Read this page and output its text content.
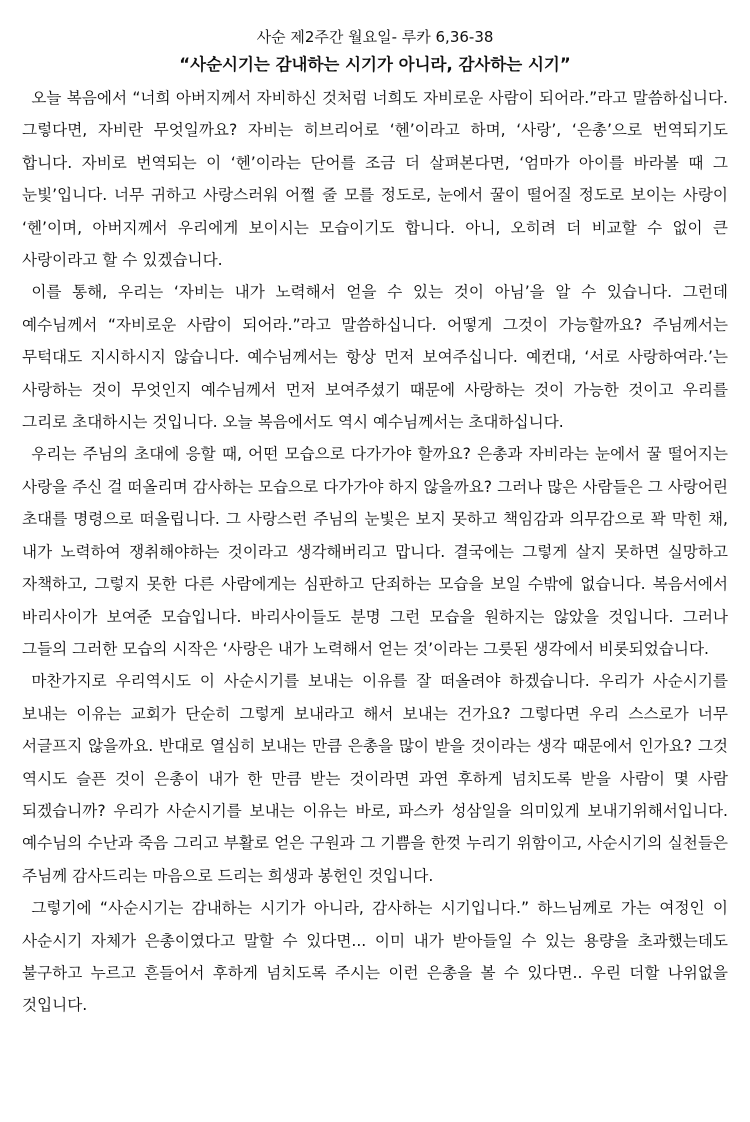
사순 제2주간 월요일- 루카 6,36-38
“사순시기는 감내하는 시기가 아니라, 감사하는 시기”

오늘 복음에서 “너희 아버지께서 자비하신 것처럼 너희도 자비로운 사람이 되어라.”라고 말씀하십니다. 그렇다면, 자비란 무엇일까요? 자비는 히브리어로 ‘헨’이라고 하며, ‘사랑’, ‘은총’으로 번역되기도 합니다. 자비로 번역되는 이 ‘헨’이라는 단어를 조금 더 살펴본다면, ‘엄마가 아이를 바라볼 때 그 눈빛’입니다. 너무 귀하고 사랑스러워 어쩔 줄 모를 정도로, 눈에서 꿀이 떨어질 정도로 보이는 사랑이 ‘헨’이며, 아버지께서 우리에게 보이시는 모습이기도 합니다. 아니, 오히려 더 비교할 수 없이 큰 사랑이라고 할 수 있겠습니다.

이를 통해, 우리는 ‘자비는 내가 노력해서 얻을 수 있는 것이 아님’을 알 수 있습니다. 그런데 예수님께서 “자비로운 사람이 되어라.”라고 말씀하십니다. 어떻게 그것이 가능할까요? 주님께서는 무턱대도 지시하시지 않습니다. 예수님께서는 항상 먼저 보여주십니다. 예컨대, ‘서로 사랑하여라.’는 사랑하는 것이 무엇인지 예수님께서 먼저 보여주셨기 때문에 사랑하는 것이 가능한 것이고 우리를 그리로 초대하시는 것입니다. 오늘 복음에서도 역시 예수님께서는 초대하십니다.

우리는 주님의 초대에 응할 때, 어떤 모습으로 다가가야 할까요? 은총과 자비라는 눈에서 꿀 떨어지는 사랑을 주신 걸 떠올리며 감사하는 모습으로 다가가야 하지 않을까요? 그러나 많은 사람들은 그 사랑어린 초대를 명령으로 떠올립니다. 그 사랑스런 주님의 눈빛은 보지 못하고 책임감과 의무감으로 꽉 막힌 채, 내가 노력하여 쟁취해야하는 것이라고 생각해버리고 맙니다. 결국에는 그렇게 살지 못하면 실망하고 자책하고, 그렇지 못한 다른 사람에게는 심판하고 단죄하는 모습을 보일 수밖에 없습니다. 복음서에서 바리사이가 보여준 모습입니다. 바리사이들도 분명 그런 모습을 원하지는 않았을 것입니다. 그러나 그들의 그러한 모습의 시작은 ‘사랑은 내가 노력해서 얻는 것’이라는 그릇된 생각에서 비롯되었습니다.

마찬가지로 우리역시도 이 사순시기를 보내는 이유를 잘 떠올려야 하겠습니다. 우리가 사순시기를 보내는 이유는 교회가 단순히 그렇게 보내라고 해서 보내는 건가요? 그렇다면 우리 스스로가 너무 서글프지 않을까요. 반대로 열심히 보내는 만큼 은총을 많이 받을 것이라는 생각 때문에서 인가요? 그것 역시도 슬픈 것이 은총이 내가 한 만큼 받는 것이라면 과연 후하게 넘치도록 받을 사람이 몇 사람 되겠습니까? 우리가 사순시기를 보내는 이유는 바로, 파스카 성삼일을 의미있게 보내기위해서입니다. 예수님의 수난과 죽음 그리고 부활로 얻은 구원과 그 기쁨을 한껏 누리기 위함이고, 사순시기의 실천들은 주님께 감사드리는 마음으로 드리는 희생과 봉헌인 것입니다.

그렇기에 “사순시기는 감내하는 시기가 아니라, 감사하는 시기입니다.” 하느님께로 가는 여정인 이 사순시기 자체가 은총이였다고 말할 수 있다면... 이미 내가 받아들일 수 있는 용량을 초과했는데도 불구하고 누르고 흔들어서 후하게 넘치도록 주시는 이런 은총을 볼 수 있다면.. 우린 더할 나위없을 것입니다.
